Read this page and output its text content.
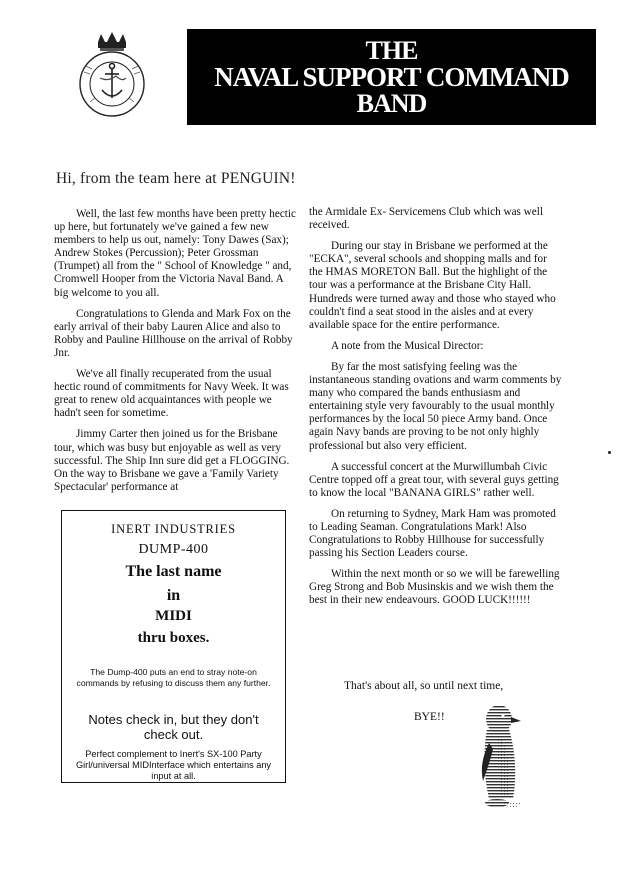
THE
NAVAL SUPPORT COMMAND
BAND
Hi, from the team here at PENGUIN!

Well, the last few months have been pretty hectic up here, but fortunately we've gained a few new members to help us out, namely: Tony Dawes (Sax); Andrew Stokes (Percussion); Peter Grossman (Trumpet) all from the " School of Knowledge " and, Cromwell Hooper from the Victoria Naval Band. A big welcome to you all.

Congratulations to Glenda and Mark Fox on the early arrival of their baby Lauren Alice and also to Robby and Pauline Hillhouse on the arrival of Robby Jnr.

We've all finally recuperated from the usual hectic round of commitments for Navy Week. It was great to renew old acquaintances with people we hadn't seen for sometime.

Jimmy Carter then joined us for the Brisbane tour, which was busy but enjoyable as well as very successful. The Ship Inn sure did get a FLOGGING. On the way to Brisbane we gave a 'Family Variety Spectacular' performance at

the Armidale Ex- Servicemens Club which was well received.

During our stay in Brisbane we performed at the "ECKA", several schools and shopping malls and for the HMAS MORETON Ball. But the highlight of the tour was a performance at the Brisbane City Hall. Hundreds were turned away and those who stayed who couldn't find a seat stood in the aisles and at every available space for the entire performance.

A note from the Musical Director:

By far the most satisfying feeling was the instantaneous standing ovations and warm comments by many who compared the bands enthusiasm and entertaining style very favourably to the usual monthly performances by the local 50 piece Army band. Once again Navy bands are proving to be not only highly professional but also very efficient.

A successful concert at the Murwillumbah Civic Centre topped off a great tour, with several guys getting to know the local "BANANA GIRLS" rather well.

On returning to Sydney, Mark Ham was promoted to Leading Seaman. Congratulations Mark! Also Congratulations to Robby Hillhouse for successfully passing his Section Leaders course.

Within the next month or so we will be farewelling Greg Strong and Bob Musinskis and we wish them the best in their new endeavours. GOOD LUCK!!!!!!

INERT INDUSTRIES
DUMP-400
The last name
in
MIDI
thru boxes.
The Dump-400 puts an end to stray note-on commands by refusing to discuss them any further.
Notes check in, but they don't check out.
Perfect complement to Inert's SX-100 Party Girl/universal MIDInterface which entertains any input at all.
That's about all, so until next time,
BYE!!
